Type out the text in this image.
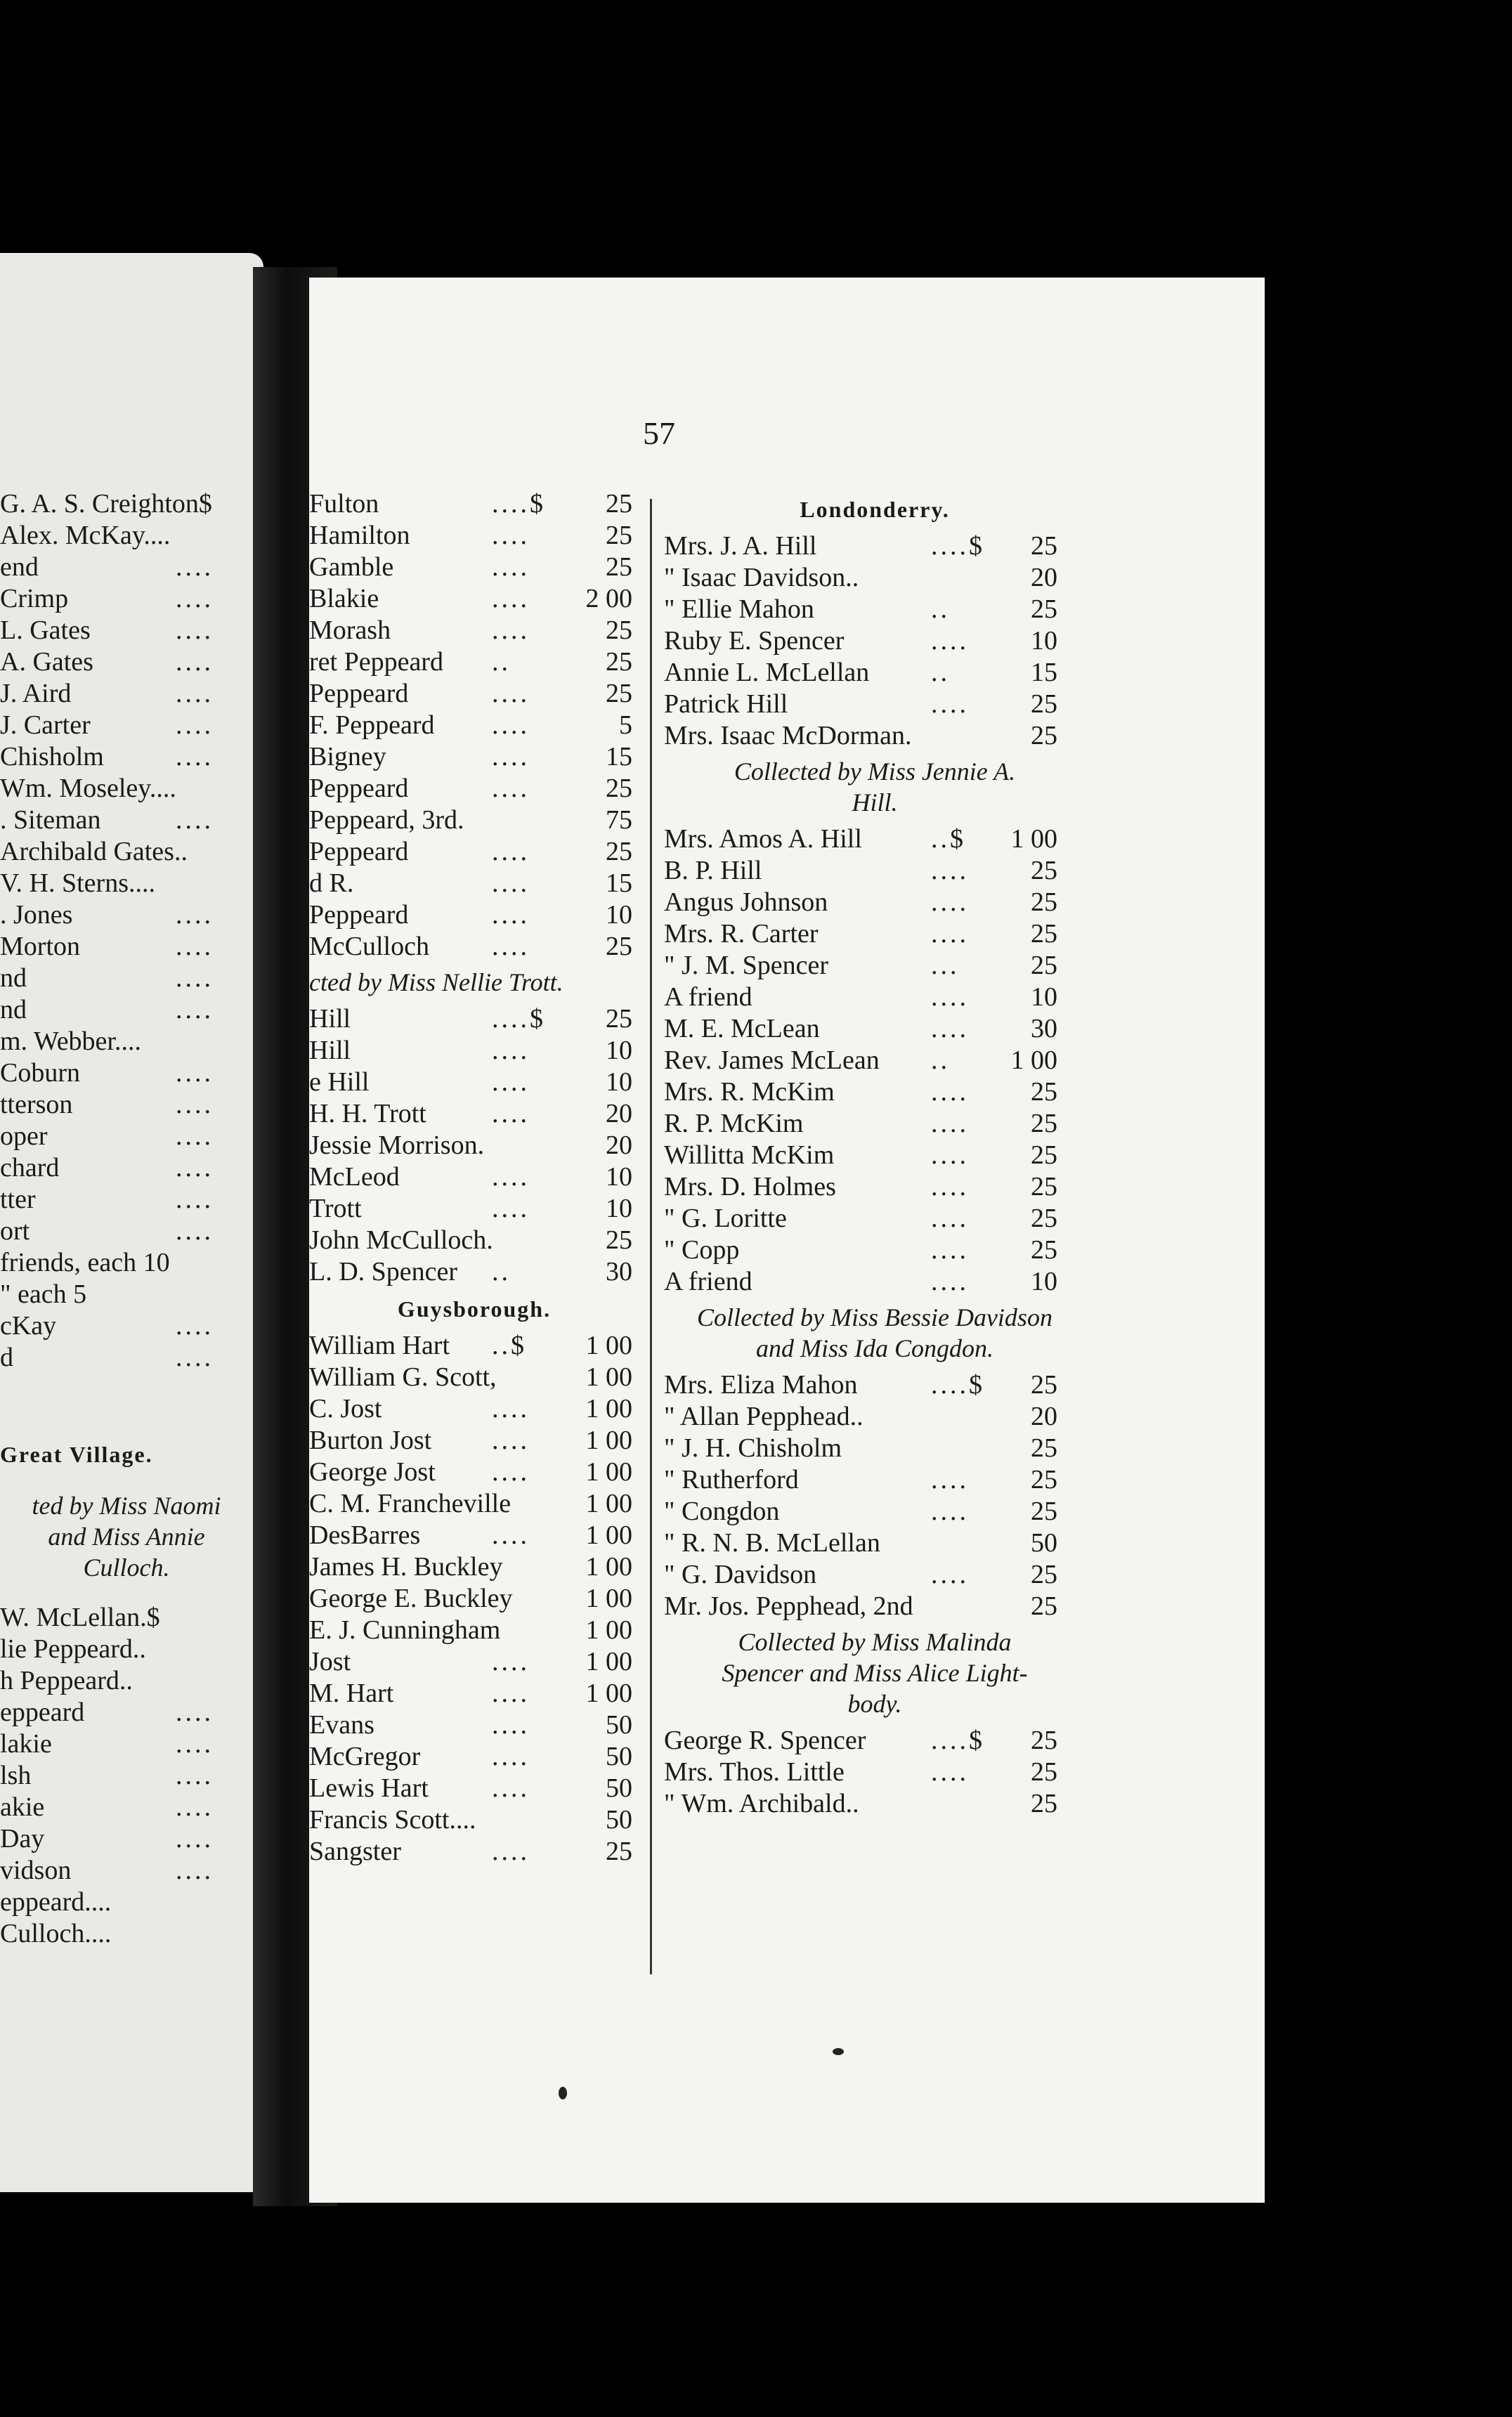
G. A. S. Creighton$
Alex. McKay....
end	....
Crimp	....
L. Gates	....
A. Gates	....
J. Aird	....
J. Carter	....
Chisholm	....
Wm. Moseley....
. Siteman	....
Archibald Gates..
V. H. Sterns....
. Jones	....
Morton	....
nd	....
nd	....
m. Webber....
Coburn	....
tterson	....
oper	....
chard	....
tter	....
ort	....
friends, each 10
" each 5
cKay	....
d	....
Great Village.
ted by Miss Naomi
and Miss Annie
Culloch.
W. McLellan.$
lie Peppeard..
h Peppeard..
eppeard	....
lakie	....
lsh	....
akie	....
Day	....
vidson	....
eppeard....
Culloch....
57
Fulton	....$	25
Hamilton	....	25
Gamble	....	25
Blakie	....	2 00
Morash	....	25
ret Peppeard ..	25
Peppeard	....	25
F. Peppeard ....	5
Bigney	....	15
Peppeard	....	25
Peppeard, 3rd.	75
Peppeard	....	25
d R.	....	15
Peppeard	....	10
McCulloch ....	25
cted by Miss Nellie Trott.
Hill	....$	25
Hill	....	10
e Hill	....	10
H. H. Trott ....	20
Jessie Morrison.	20
McLeod	....	10
Trott	....	10
John McCulloch.	25
L. D. Spencer ..	30
Guysborough.
William Hart ..$	1 00
William G. Scott,	1 00
C. Jost	....	1 00
Burton Jost ....	1 00
George Jost ....	1 00
C. M. Francheville	1 00
DesBarres	....	1 00
James H. Buckley	1 00
George E. Buckley	1 00
E. J. Cunningham	1 00
Jost	....	1 00
M. Hart	....	1 00
Evans	....	50
McGregor	....	50
Lewis Hart ....	50
Francis Scott....	50
Sangster	....	25
Londonderry.
Mrs. J. A. Hill	....$	25
" Isaac Davidson..	20
" Ellie Mahon	..	25
Ruby E. Spencer	....	10
Annie L. McLellan ..	15
Patrick Hill	....	25
Mrs. Isaac McDorman.	25
Collected by Miss Jennie A.
Hill.
Mrs. Amos A. Hill	..$	1 00
B. P. Hill	....	25
Angus Johnson	....	25
Mrs. R. Carter	....	25
" J. M. Spencer	...	25
A friend	....	10
M. E. McLean	....	30
Rev. James McLean ..	1 00
Mrs. R. McKim	....	25
R. P. McKim	....	25
Willitta McKim	....	25
Mrs. D. Holmes	....	25
" G. Loritte	....	25
" Copp	....	25
A friend	....	10
Collected by Miss Bessie Davidson
and Miss Ida Congdon.
Mrs. Eliza Mahon	....$	25
" Allan Pepphead..	20
" J. H. Chisholm	25
" Rutherford	....	25
" Congdon	....	25
" R. N. B. McLellan	50
" G. Davidson	....	25
Mr. Jos. Pepphead, 2nd	25
Collected by Miss Malinda
Spencer and Miss Alice Light-
body.
George R. Spencer ....$	25
Mrs. Thos. Little	....	25
" Wm. Archibald..	25
